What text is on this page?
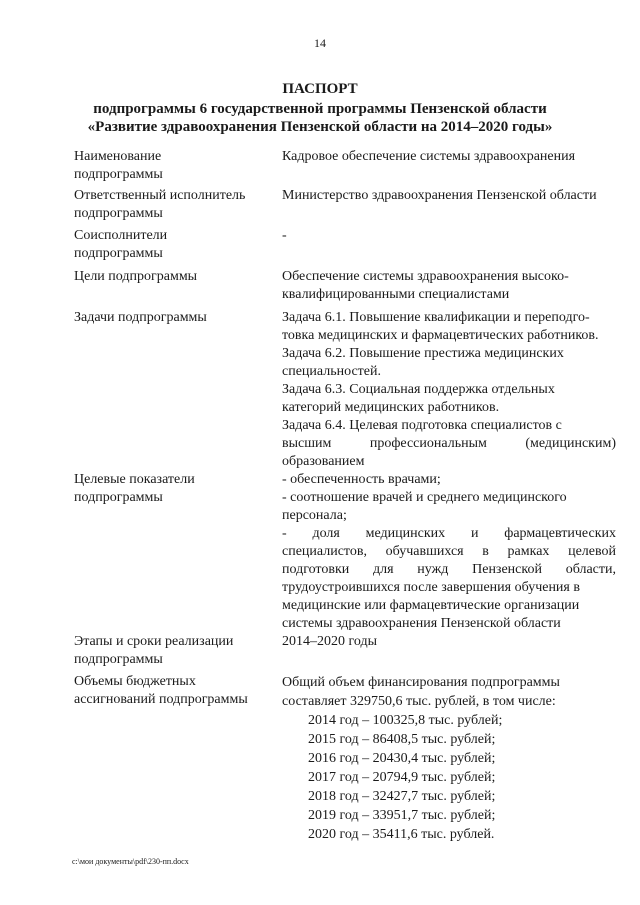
14
ПАСПОРТ
подпрограммы 6 государственной программы Пензенской области
«Развитие здравоохранения Пензенской области на 2014–2020 годы»

Наименование

подпрограммы

Кадровое обеспечение системы здравоохранения

Ответственный исполнитель

подпрограммы

Министерство здравоохранения Пензенской области

Соисполнители

подпрограммы

-
Цели подпрограммы	Обеспечение системы здравоохранения высоко-

квалифицированными специалистами

Задачи подпрограммы	Задача 6.1. Повышение квалификации и переподго-

товка медицинских и фармацевтических работников.

Задача 6.2. Повышение престижа медицинских

специальностей.

Задача 6.3. Социальная поддержка отдельных

категорий медицинских работников.

Задача 6.4. Целевая подготовка специалистов с

высшим профессиональным (медицинским)

образованием

Целевые показатели

подпрограммы

- обеспеченность врачами;

- соотношение врачей и среднего медицинского

персонала;

- доля медицинских и фармацевтических

специалистов, обучавшихся в рамках целевой

подготовки для нужд Пензенской области,

трудоустроившихся после завершения обучения в

медицинские или фармацевтические организации

системы здравоохранения Пензенской области

Этапы и сроки реализации

подпрограммы

2014–2020 годы

Объемы бюджетных

ассигнований подпрограммы

Общий объем финансирования подпрограммы

составляет 329750,6 тыс. рублей, в том числе:

2014 год – 100325,8 тыс. рублей;

2015 год – 86408,5 тыс. рублей;

2016 год – 20430,4 тыс. рублей;

2017 год – 20794,9 тыс. рублей;

2018 год – 32427,7 тыс. рублей;

2019 год – 33951,7 тыс. рублей;

2020 год – 35411,6 тыс. рублей.

c:\мои документы\pdf\230-пп.docx
